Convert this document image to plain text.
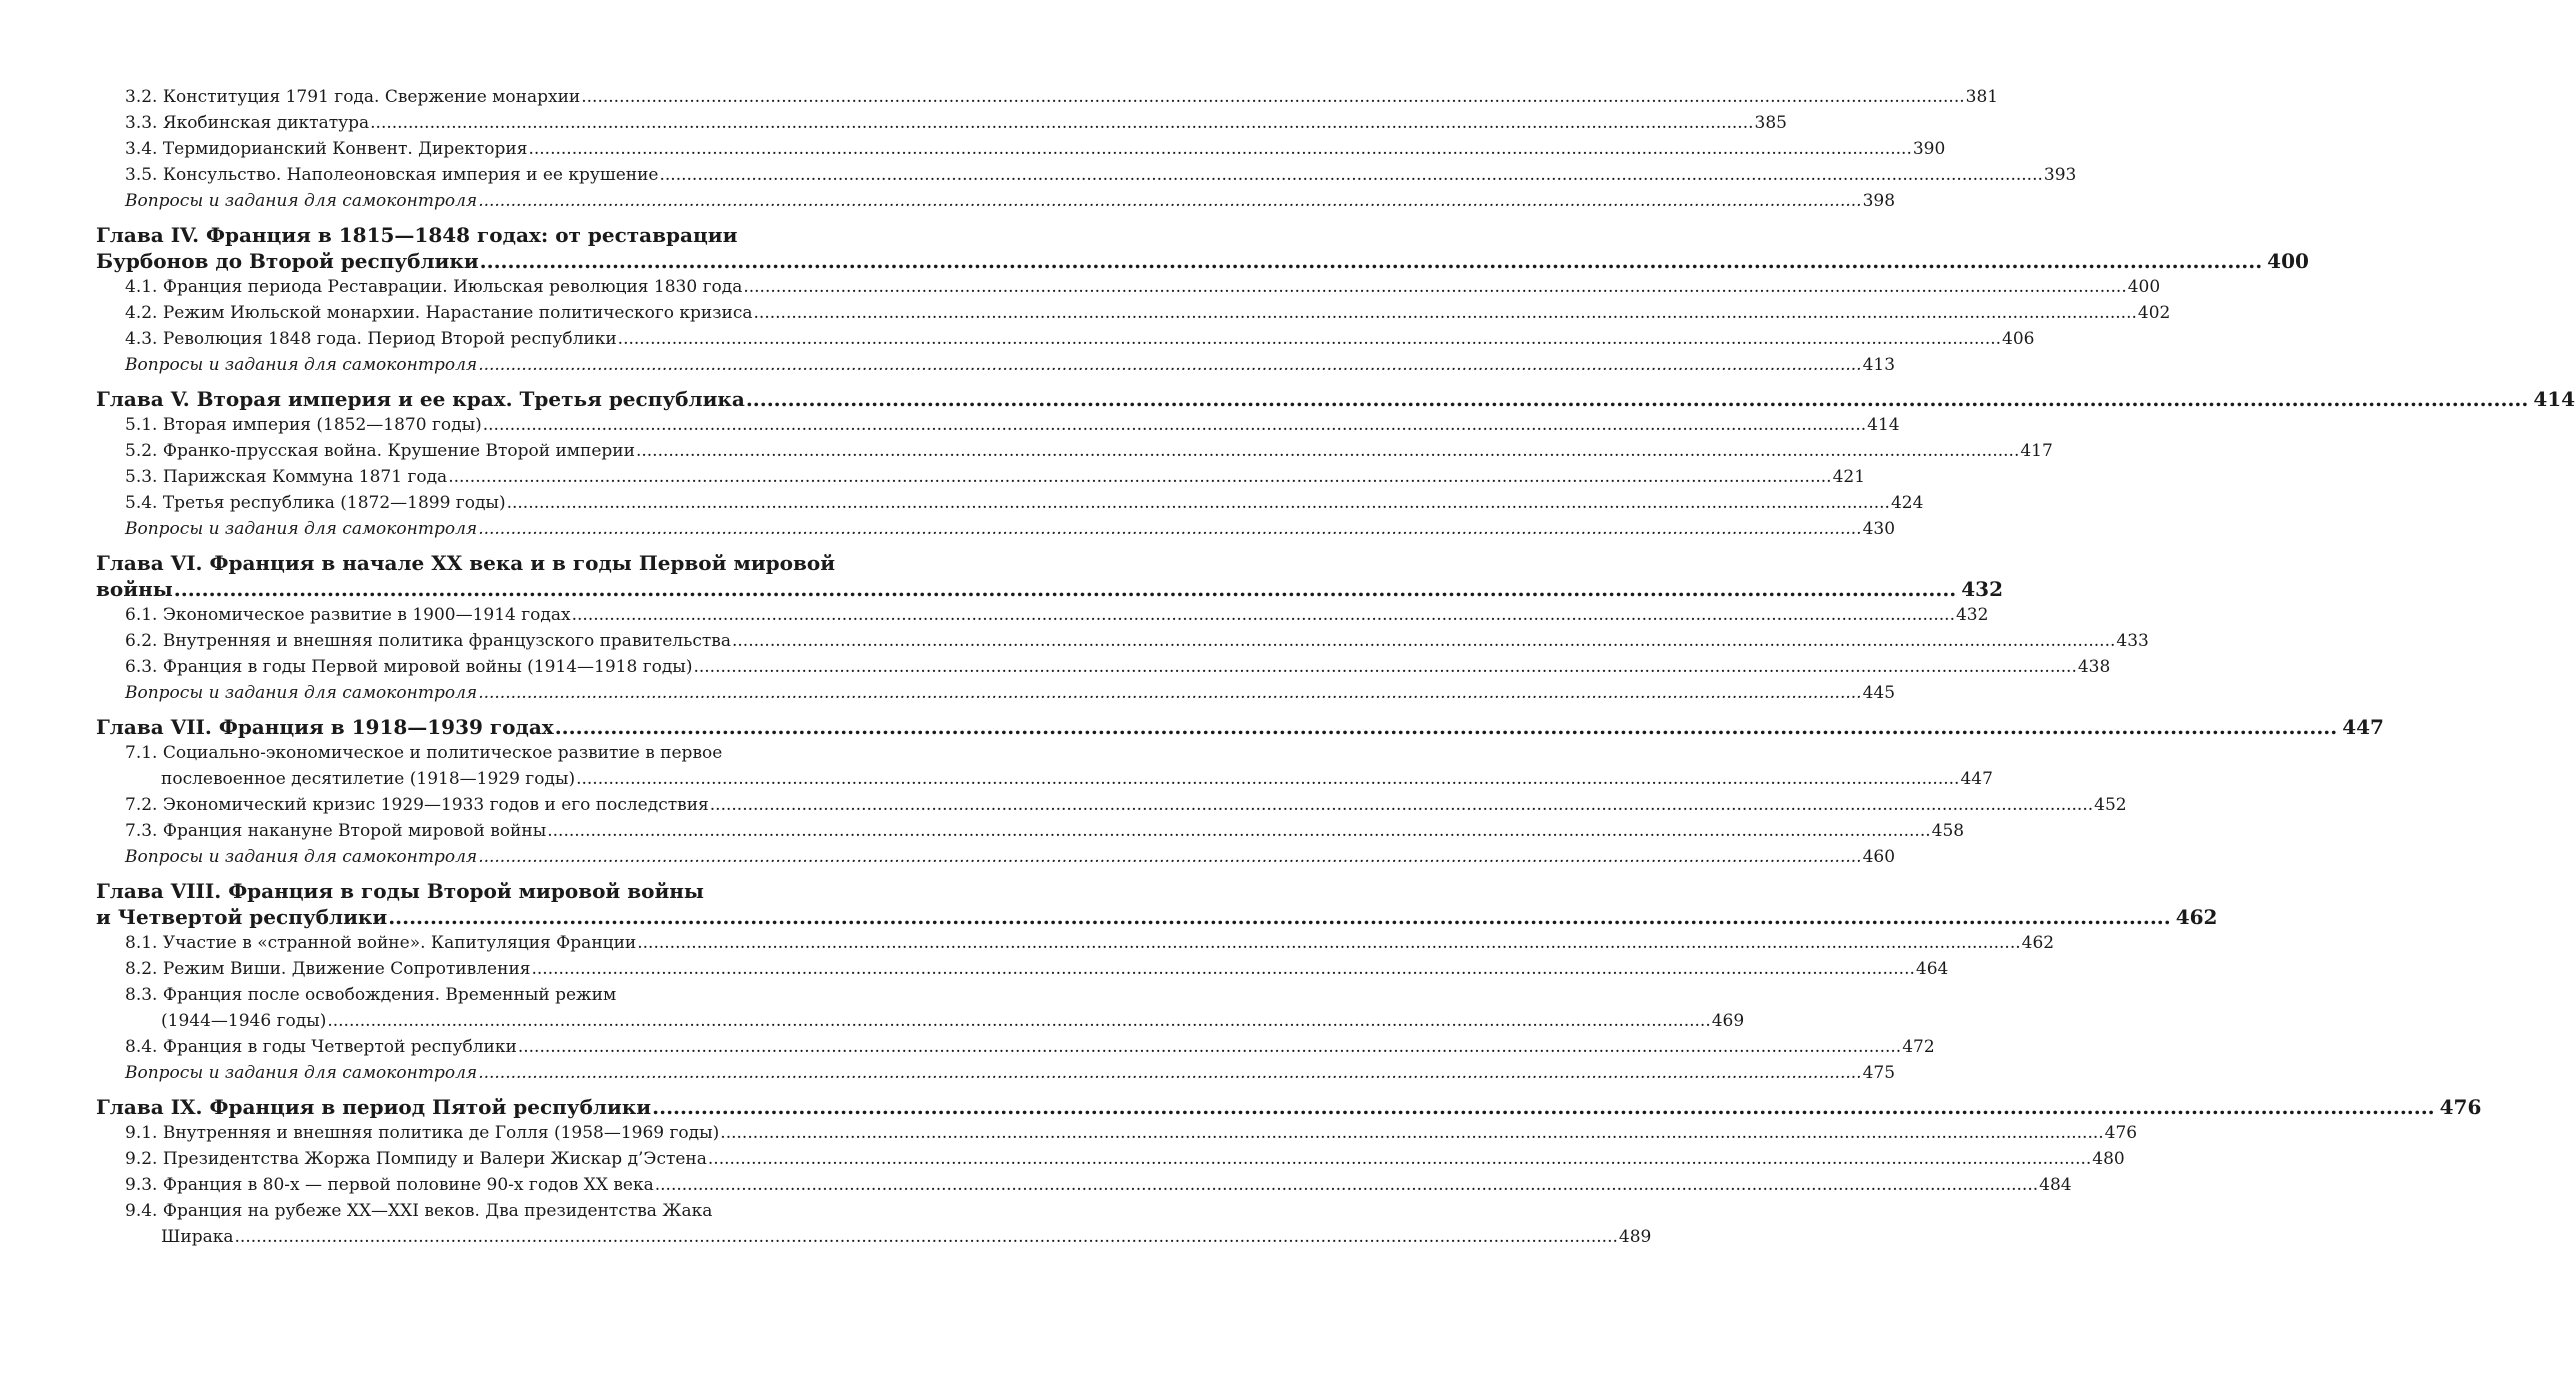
3.2. Конституция 1791 года. Свержение монархии .....	381
3.3. Якобинская диктатура .....	385
3.4. Термидорианский Конвент. Директория .....	390
3.5. Консульство. Наполеоновская империя и ее крушение .....	393
Вопросы и задания для самоконтроля .....	398
Глава IV. Франция в 1815—1848 годах: от реставрации
Бурбонов до Второй республики .....	400
4.1. Франция периода Реставрации. Июльская революция 1830 года .....	400
4.2. Режим Июльской монархии. Нарастание политического кризиса .....	402
4.3. Революция 1848 года. Период Второй республики .....	406
Вопросы и задания для самоконтроля .....	413
Глава V. Вторая империя и ее крах. Третья республика .....	414
5.1. Вторая империя (1852—1870 годы) .....	414
5.2. Франко-прусская война. Крушение Второй империи .....	417
5.3. Парижская Коммуна 1871 года .....	421
5.4. Третья республика (1872—1899 годы) .....	424
Вопросы и задания для самоконтроля .....	430
Глава VI. Франция в начале XX века и в годы Первой мировой
войны .....	432
6.1. Экономическое развитие в 1900—1914 годах .....	432
6.2. Внутренняя и внешняя политика французского правительства .....	433
6.3. Франция в годы Первой мировой войны (1914—1918 годы) .....	438
Вопросы и задания для самоконтроля .....	445
Глава VII. Франция в 1918—1939 годах .....	447
7.1. Социально-экономическое и политическое развитие в первое
послевоенное десятилетие (1918—1929 годы) .....	447
7.2. Экономический кризис 1929—1933 годов и его последствия .....	452
7.3. Франция накануне Второй мировой войны .....	458
Вопросы и задания для самоконтроля .....	460
Глава VIII. Франция в годы Второй мировой войны
и Четвертой республики .....	462
8.1. Участие в «странной войне». Капитуляция Франции .....	462
8.2. Режим Виши. Движение Сопротивления .....	464
8.3. Франция после освобождения. Временный режим
(1944—1946 годы) .....	469
8.4. Франция в годы Четвертой республики .....	472
Вопросы и задания для самоконтроля .....	475
Глава IX. Франция в период Пятой республики .....	476
9.1. Внутренняя и внешняя политика де Голля (1958—1969 годы) .....	476
9.2. Президентства Жоржа Помпиду и Валери Жискар д’Эстена .....	480
9.3. Франция в 80-х — первой половине 90-х годов XX века .....	484
9.4. Франция на рубеже XX—XXI веков. Два президентства Жака
Ширака .....	489
